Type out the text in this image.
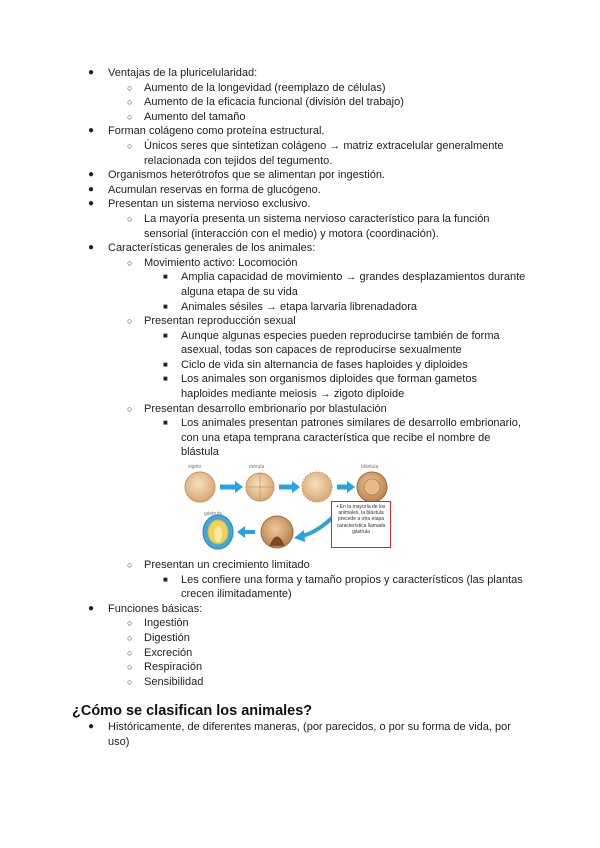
● Ventajas de la pluricelularidad:
○ Aumento de la longevidad (reemplazo de células)
○ Aumento de la eficacia funcional (división del trabajo)
○ Aumento del tamaño
● Forman colágeno como proteína estructural.
○ Únicos seres que sintetizan colágeno → matriz extracelular generalmente relacionada con tejidos del tegumento.
● Organismos heterótrofos que se alimentan por ingestión.
● Acumulan reservas en forma de glucógeno.
● Presentan un sistema nervioso exclusivo.
○ La mayoría presenta un sistema nervioso característico para la función sensorial (interacción con el medio) y motora (coordinación).
● Características generales de los animales:
○ Movimiento activo: Locomoción
■ Amplia capacidad de movimiento → grandes desplazamientos durante alguna etapa de su vida
■ Animales sésiles → etapa larvaria librenadadora
○ Presentan reproducción sexual
■ Aunque algunas especies pueden reproducirse también de forma asexual, todas son capaces de reproducirse sexualmente
■ Ciclo de vida sin alternancia de fases haploides y diploides
■ Los animales son organismos diploides que forman gametos haploides mediante meiosis → zigoto diploide
○ Presentan desarrollo embrionario por blastulación
■ Los animales presentan patrones similares de desarrollo embrionario, con una etapa temprana característica que recibe el nombre de blástula
zigoto	mórula	blástula
gástrula
• En la mayoría de los animales, la blástula precede a otra etapa característica llamada gástrula
○ Presentan un crecimiento limitado
■ Les confiere una forma y tamaño propios y característicos (las plantas crecen ilimitadamente)
● Funciones básicas:
○ Ingestión
○ Digestión
○ Excreción
○ Respiración
○ Sensibilidad
¿Cómo se clasifican los animales?
● Históricamente, de diferentes maneras, (por parecidos, o por su forma de vida, por uso)
